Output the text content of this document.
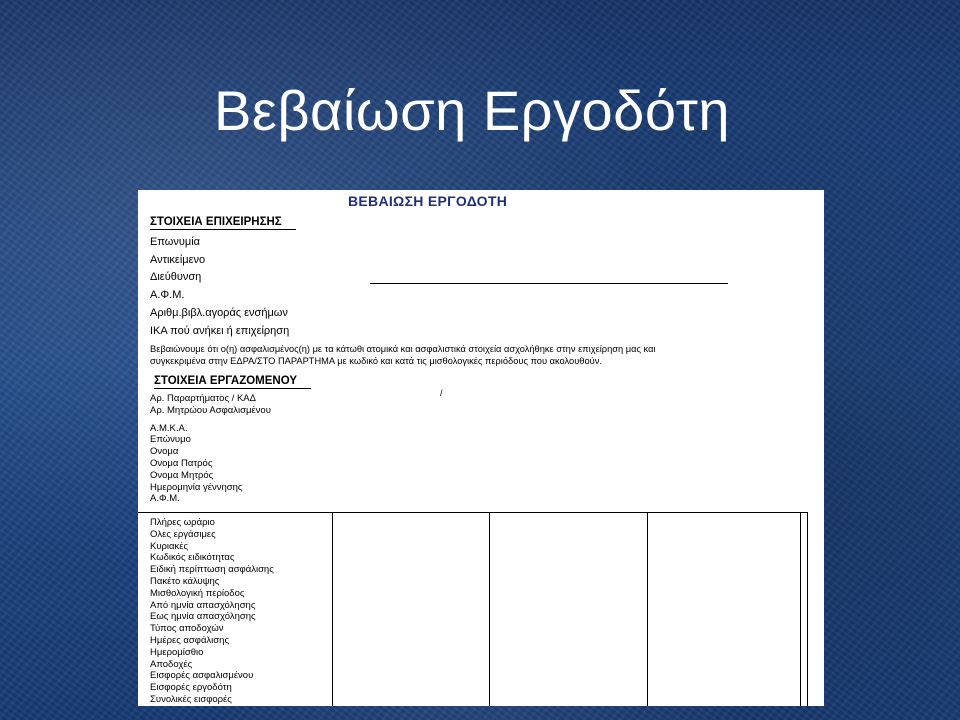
Βεβαίωση Εργοδότη
ΒΕΒΑΙΩΣΗ ΕΡΓΟΔΟΤΗ
ΣΤΟΙΧΕΙΑ ΕΠΙΧΕΙΡΗΣΗΣ
Επωνυμία
Αντικείμενο
Διεύθυνση
Α.Φ.Μ.
Αριθμ.βιβλ.αγοράς ενσήμων
ΙΚΑ πού ανήκει ή επιχείρηση
Βεβαιώνουμε ότι ο(η) ασφαλισμένος(η) με τα κάτωθι ατομικά και ασφαλιστικά στοιχεία ασχολήθηκε στην επιχείρηση μας και
συγκεκριμένα στην ΕΔΡΑ/ΣΤΟ ΠΑΡΑΡΤΗΜΑ με κωδικό και κατά τις μισθολογικές περιόδους που ακολουθούν.
ΣΤΟΙΧΕΙΑ ΕΡΓΑΖΟΜΕΝΟΥ
/
Αρ. Παραρτήματος / ΚΑΔ
Αρ. Μητρώου Ασφαλισμένου
Α.Μ.Κ.Α.
Επώνυμο
Ονομα
Ονομα Πατρός
Ονομα Μητρός
Ημερομηνία γέννησης
Α.Φ.Μ.
Πλήρες ωράριο
Ολες εργάσιμες
Κυριακές
Κωδικός ειδικότητας
Ειδική περίπτωση ασφάλισης
Πακέτο κάλυψης
Μισθολογική περίοδος
Από ημνία απασχόλησης
Εως ημνία απασχόλησης
Τύπος αποδοχών
Ημέρες ασφάλισης
Ημερομίσθιο
Αποδοχές
Εισφορές ασφαλισμένου
Εισφορές εργοδότη
Συνολικές εισφορές
